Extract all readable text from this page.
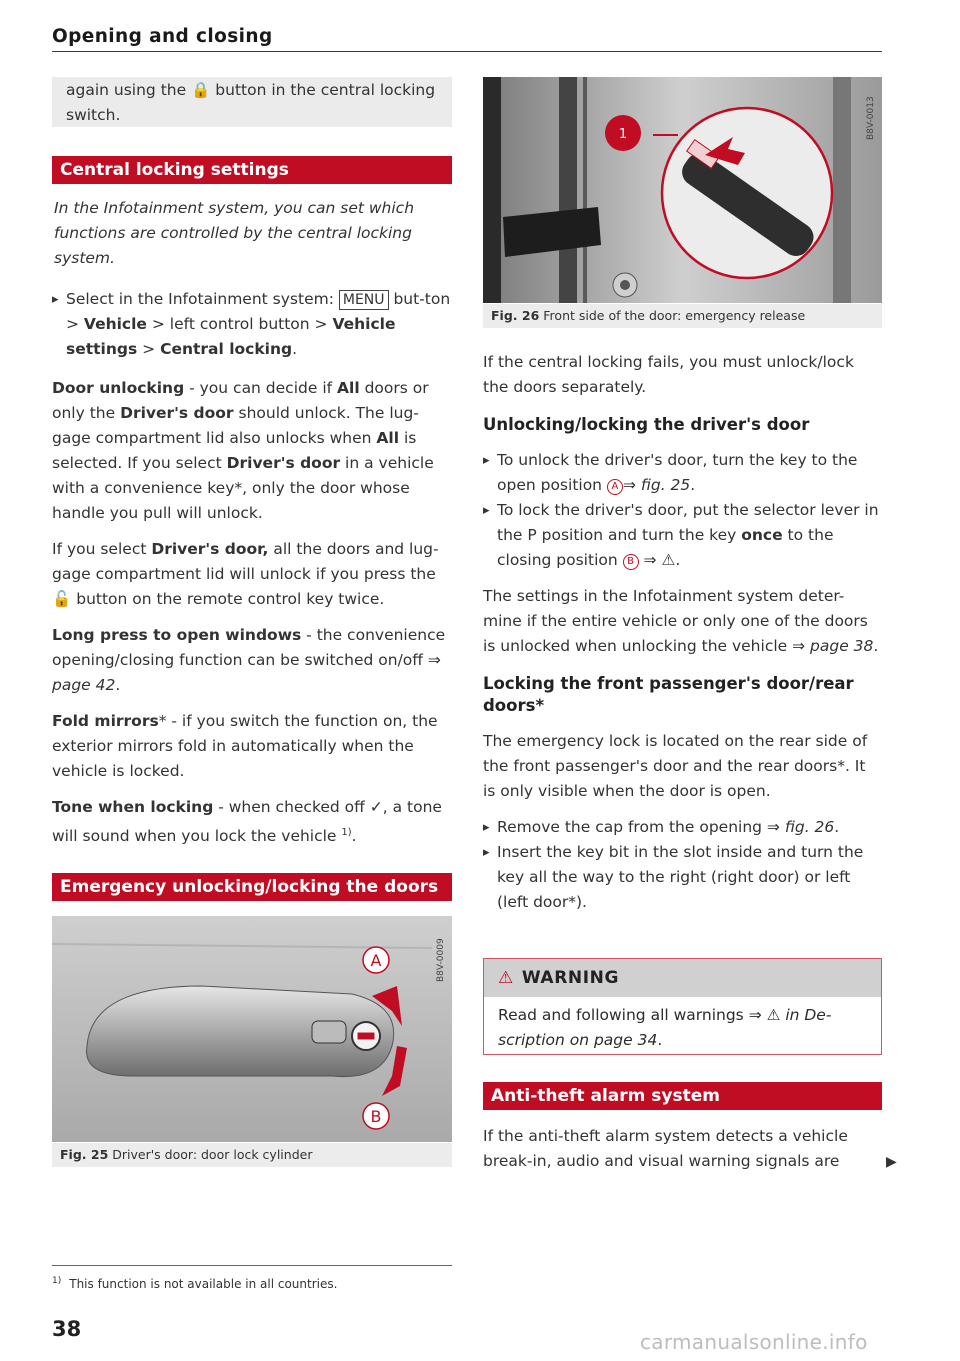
Opening and closing
again using the 🔒 button in the central locking switch.
Central locking settings

In the Infotainment system, you can set which functions are controlled by the central locking system.

▸ Select in the Infotainment system: MENU but-ton > Vehicle > left control button > Vehicle settings > Central locking.

Door unlocking - you can decide if All doors or only the Driver's door should unlock. The lug-gage compartment lid also unlocks when All is selected. If you select Driver's door in a vehicle with a convenience key*, only the door whose handle you pull will unlock.

If you select Driver's door, all the doors and lug-gage compartment lid will unlock if you press the 🔓 button on the remote control key twice.

Long press to open windows - the convenience opening/closing function can be switched on/off ⇒ page 42.

Fold mirrors* - if you switch the function on, the exterior mirrors fold in automatically when the vehicle is locked.

Tone when locking - when checked off ✓, a tone will sound when you lock the vehicle $^{1)}$.

Emergency unlocking/locking the doors
A
B
B8V-0009
Fig. 25 Driver's door: door lock cylinder
1	B8V-0013
Fig. 26 Front side of the door: emergency release

If the central locking fails, you must unlock/lock the doors separately.

Unlocking/locking the driver's door

▸ To unlock the driver's door, turn the key to the open position A ⇒ fig. 25.

▸ To lock the driver's door, put the selector lever in the P position and turn the key once to the closing position B ⇒ ⚠.

The settings in the Infotainment system deter-mine if the entire vehicle or only one of the doors is unlocked when unlocking the vehicle ⇒ page 38.

Locking the front passenger's door/rear doors*

The emergency lock is located on the rear side of the front passenger's door and the rear doors*. It is only visible when the door is open.

▸ Remove the cap from the opening ⇒ fig. 26.

▸ Insert the key bit in the slot inside and turn the key all the way to the right (right door) or left (left door*).

⚠ WARNING
Read and following all warnings ⇒ ⚠ in De-scription on page 34.
Anti-theft alarm system
If the anti-theft alarm system detects a vehicle break-in, audio and visual warning signals are	▶
$^{1)}$ This function is not available in all countries.
38
carmanualsonline.info
